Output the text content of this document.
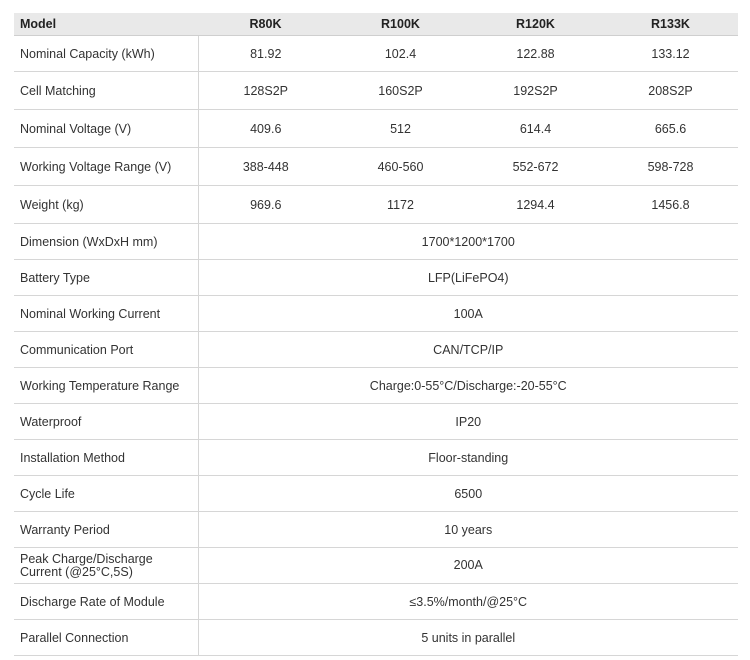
Model	R80K	R100K	R120K	R133K
Nominal Capacity (kWh)	81.92	102.4	122.88	133.12
Cell Matching	128S2P	160S2P	192S2P	208S2P
Nominal Voltage (V)	409.6	512	614.4	665.6
Working Voltage Range (V)	388-448	460-560	552-672	598-728
Weight (kg)	969.6	1172	1294.4	1456.8
Dimension (WxDxH mm)	1700*1200*1700			
Battery Type	LFP(LiFePO4)			
Nominal Working Current	100A			
Communication Port	CAN/TCP/IP			
Working Temperature Range	Charge:0-55°C/Discharge:-20-55°C			
Waterproof	IP20			
Installation Method	Floor-standing			
Cycle Life	6500			
Warranty Period	10 years			
Peak Charge/Discharge Current (@25°C,5S)	200A			
Discharge Rate of Module	≤3.5%/month/@25°C			
Parallel Connection	5 units in parallel			
